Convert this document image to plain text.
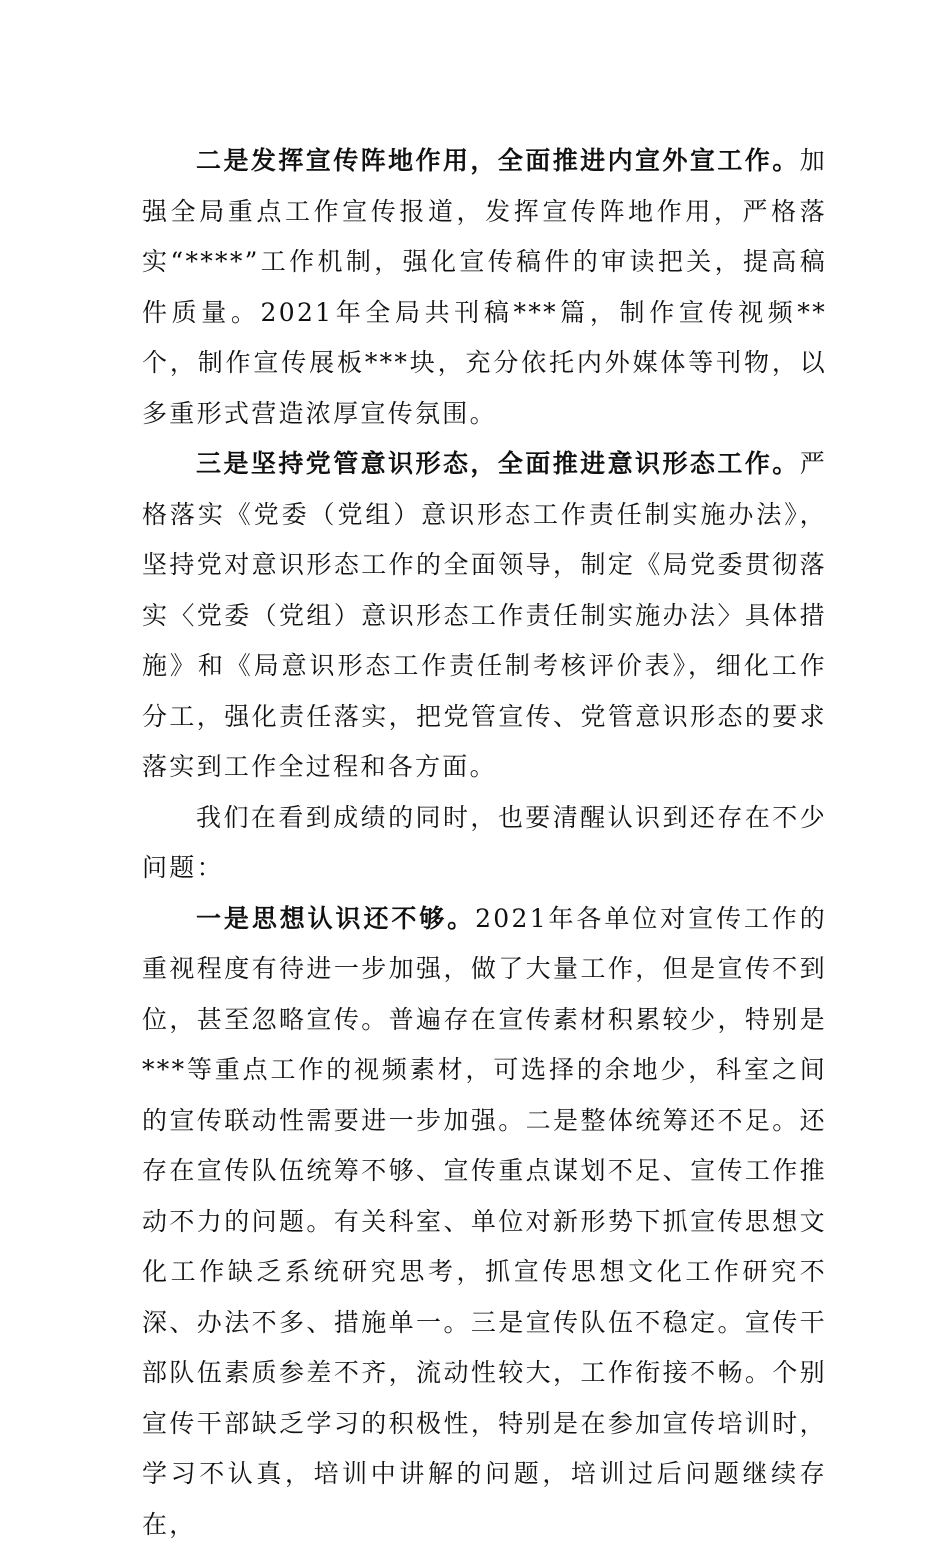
二是发挥宣传阵地作用，全面推进内宣外宣工作。加强全局重点工作宣传报道，发挥宣传阵地作用，严格落实“****”工作机制，强化宣传稿件的审读把关，提高稿件质量。2021年全局共刊稿***篇，制作宣传视频**个，制作宣传展板***块，充分依托内外媒体等刊物，以多重形式营造浓厚宣传氛围。

三是坚持党管意识形态，全面推进意识形态工作。严格落实《党委（党组）意识形态工作责任制实施办法》，坚持党对意识形态工作的全面领导，制定《局党委贯彻落实〈党委（党组）意识形态工作责任制实施办法〉具体措施》和《局意识形态工作责任制考核评价表》，细化工作分工，强化责任落实，把党管宣传、党管意识形态的要求落实到工作全过程和各方面。

我们在看到成绩的同时，也要清醒认识到还存在不少问题：

一是思想认识还不够。2021年各单位对宣传工作的重视程度有待进一步加强，做了大量工作，但是宣传不到位，甚至忽略宣传。普遍存在宣传素材积累较少，特别是***等重点工作的视频素材，可选择的余地少，科室之间的宣传联动性需要进一步加强。二是整体统筹还不足。还存在宣传队伍统筹不够、宣传重点谋划不足、宣传工作推动不力的问题。有关科室、单位对新形势下抓宣传思想文化工作缺乏系统研究思考，抓宣传思想文化工作研究不深、办法不多、措施单一。三是宣传队伍不稳定。宣传干部队伍素质参差不齐，流动性较大，工作衔接不畅。个别宣传干部缺乏学习的积极性，特别是在参加宣传培训时，学习不认真，培训中讲解的问题，培训过后问题继续存在，
